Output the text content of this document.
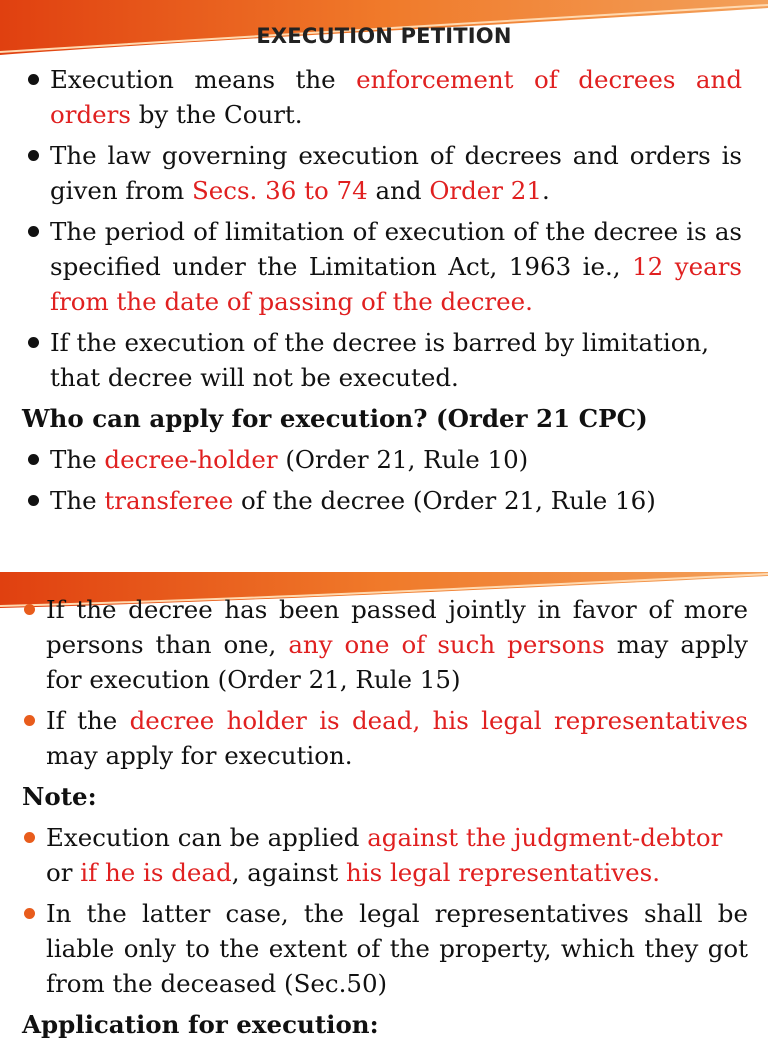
EXECUTION PETITION
Execution means the enforcement of decrees and orders by the Court.
The law governing execution of decrees and orders is given from Secs. 36 to 74 and Order 21.
The period of limitation of execution of the decree is as specified under the Limitation Act, 1963 ie., 12 years from the date of passing of the decree.
If the execution of the decree is barred by limitation, that decree will not be executed.
Who can apply for execution? (Order 21 CPC)
The decree-holder (Order 21, Rule 10)
The transferee of the decree (Order 21, Rule 16)
If the decree has been passed jointly in favor of more persons than one, any one of such persons may apply for execution (Order 21, Rule 15)
If the decree holder is dead, his legal representatives may apply for execution.
Note:
Execution can be applied against the judgment-debtor or if he is dead, against his legal representatives.
In the latter case, the legal representatives shall be liable only to the extent of the property, which they got from the deceased (Sec.50)
Application for execution:
